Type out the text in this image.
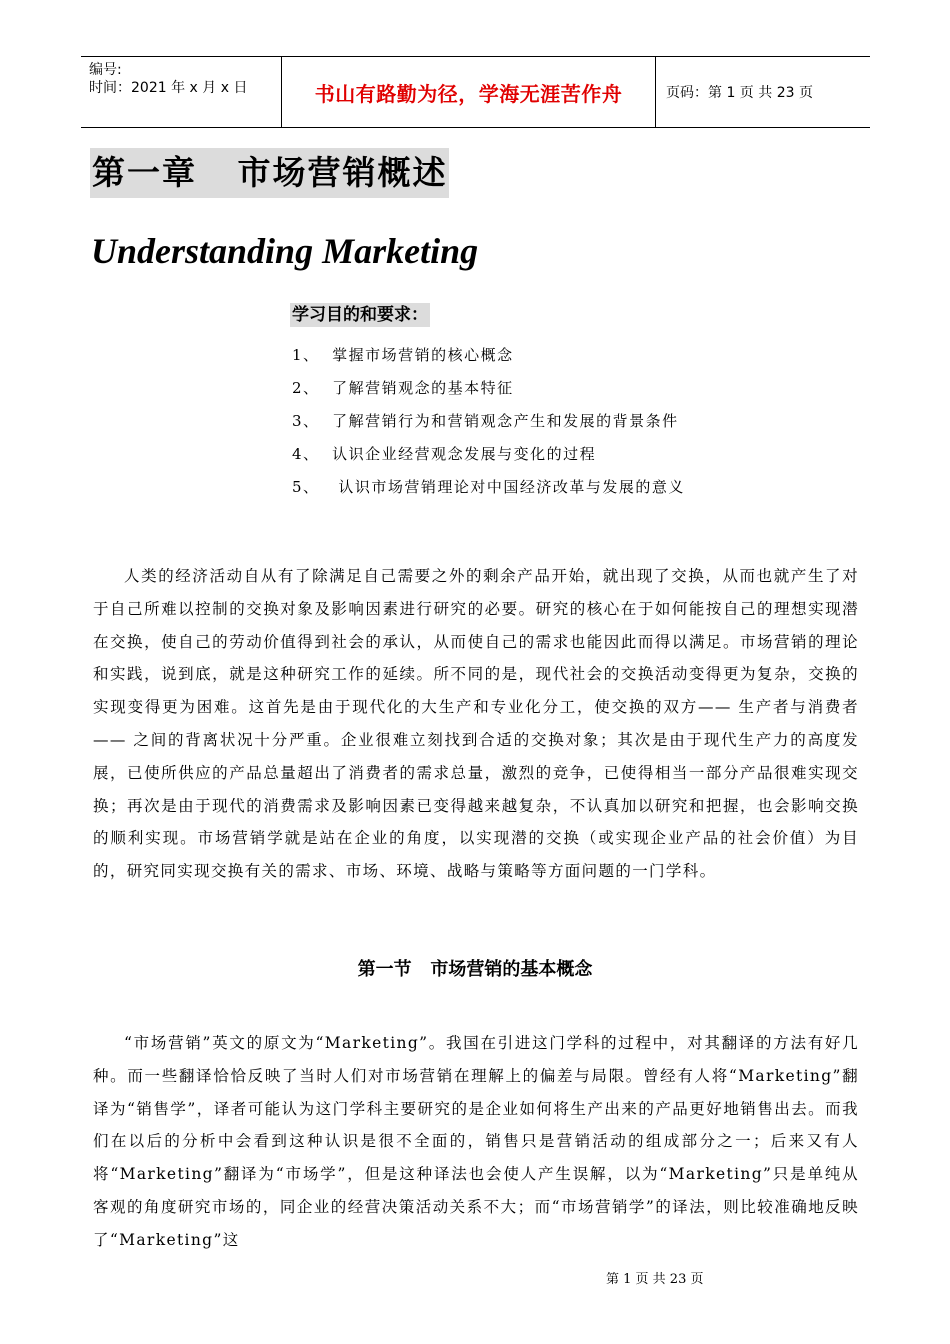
编号:
时间：2021 年 x 月 x 日	书山有路勤为径，学海无涯苦作舟	页码：第 1 页 共 23 页
第一章   市场营销概述
Understanding Marketing
学习目的和要求：
1、  掌握市场营销的核心概念
2、  了解营销观念的基本特征
3、  了解营销行为和营销观念产生和发展的背景条件
4、  认识企业经营观念发展与变化的过程
5、   认识市场营销理论对中国经济改革与发展的意义

人类的经济活动自从有了除满足自己需要之外的剩余产品开始，就出现了交换，从而也就产生了对于自己所难以控制的交换对象及影响因素进行研究的必要。研究的核心在于如何能按自己的理想实现潜在交换，使自己的劳动价值得到社会的承认，从而使自己的需求也能因此而得以满足。市场营销的理论和实践，说到底，就是这种研究工作的延续。所不同的是，现代社会的交换活动变得更为复杂，交换的实现变得更为困难。这首先是由于现代化的大生产和专业化分工，使交换的双方—— 生产者与消费者—— 之间的背离状况十分严重。企业很难立刻找到合适的交换对象；其次是由于现代生产力的高度发展，已使所供应的产品总量超出了消费者的需求总量，激烈的竞争，已使得相当一部分产品很难实现交换；再次是由于现代的消费需求及影响因素已变得越来越复杂，不认真加以研究和把握，也会影响交换的顺利实现。市场营销学就是站在企业的角度，以实现潜的交换（或实现企业产品的社会价值）为目的，研究同实现交换有关的需求、市场、环境、战略与策略等方面问题的一门学科。

第一节   市场营销的基本概念

“市场营销”英文的原文为“Marketing”。我国在引进这门学科的过程中，对其翻译的方法有好几种。而一些翻译恰恰反映了当时人们对市场营销在理解上的偏差与局限。曾经有人将“Marketing”翻译为“销售学”，译者可能认为这门学科主要研究的是企业如何将生产出来的产品更好地销售出去。而我们在以后的分析中会看到这种认识是很不全面的，销售只是营销活动的组成部分之一；后来又有人将“Marketing”翻译为“市场学”，但是这种译法也会使人产生误解，以为“Marketing”只是单纯从客观的角度研究市场的，同企业的经营决策活动关系不大；而“市场营销学”的译法，则比较准确地反映了“Marketing”这

第 1 页 共 23 页
